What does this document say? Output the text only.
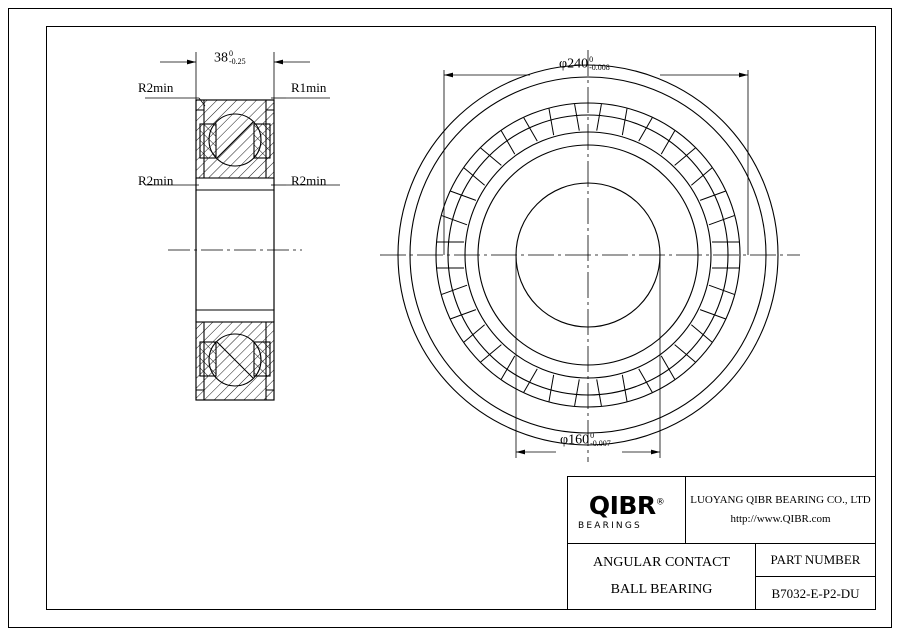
38 0
-0.25
R2min	R1min
R2min	R2min
φ240 0
-0.008
φ160 0
-0.007
QIBR®
BEARINGS
LUOYANG QIBR BEARING CO., LTD
http://www.QIBR.com
ANGULAR CONTACT
BALL BEARING
PART NUMBER
B7032-E-P2-DU
